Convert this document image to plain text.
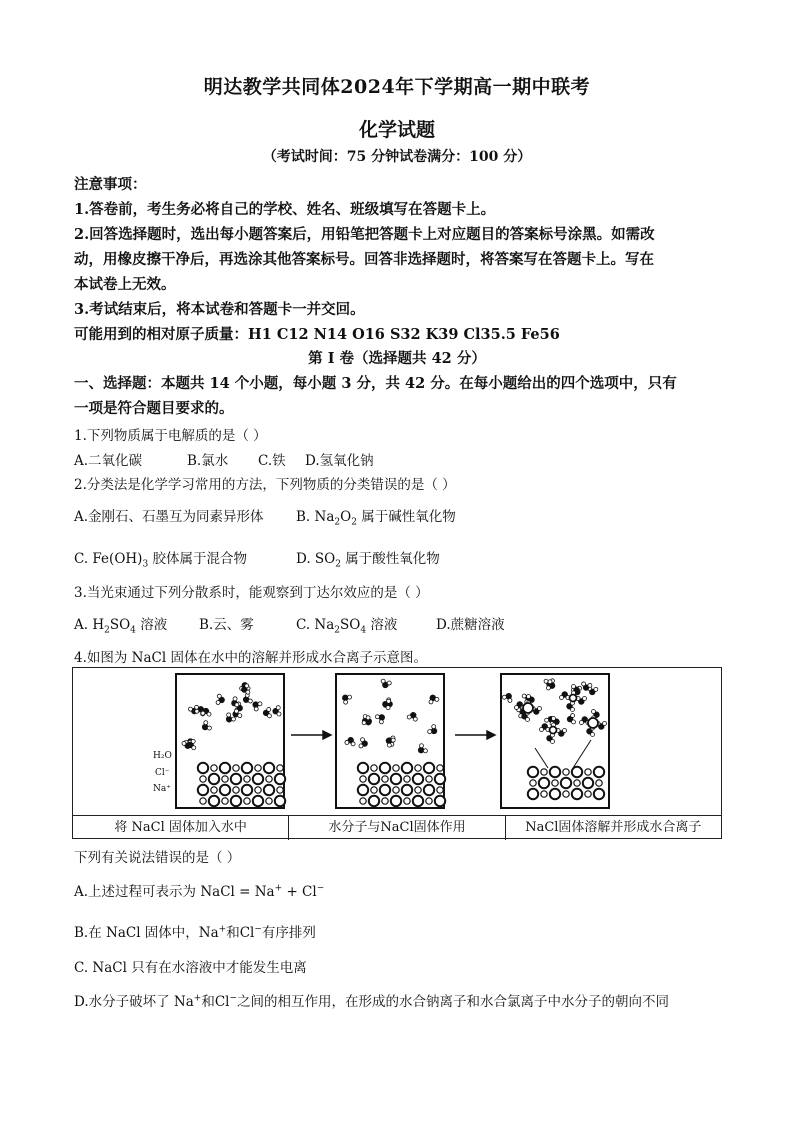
明达教学共同体2024年下学期高一期中联考
化学试题
（考试时间：75 分钟试卷满分：100 分）
注意事项：
1.答卷前，考生务必将自己的学校、姓名、班级填写在答题卡上。
2.回答选择题时，选出每小题答案后，用铅笔把答题卡上对应题目的答案标号涂黑。如需改
动，用橡皮擦干净后，再选涂其他答案标号。回答非选择题时，将答案写在答题卡上。写在
本试卷上无效。
3.考试结束后，将本试卷和答题卡一并交回。
可能用到的相对原子质量：H1 C12 N14 O16 S32 K39 Cl35.5 Fe56
第 I 卷（选择题共 42 分）
一、选择题：本题共 14 个小题，每小题 3 分，共 42 分。在每小题给出的四个选项中，只有
一项是符合题目要求的。
1.下列物质属于电解质的是（ ）
A.二氧化碳	B.氯水 C.铁 D.氢氧化钠
2.分类法是化学学习常用的方法，下列物质的分类错误的是（ ）
A.金刚石、石墨互为同素异形体 B. $Na_2O_2$ 属于碱性氧化物
C. $Fe(OH)_3$ 胶体属于混合物	D. $SO_2$ 属于酸性氧化物
3.当光束通过下列分散系时，能观察到丁达尔效应的是（ ）
A. $H_2SO_4$ 溶液 B.云、雾	C. $Na_2SO_4$ 溶液	D.蔗糖溶液
4.如图为 NaCl 固体在水中的溶解并形成水合离子示意图。
H₂O
Cl⁻
Na⁺
将 NaCl 固体加入水中	水分子与NaCl固体作用	NaCl固体溶解并形成水合离子
下列有关说法错误的是（ ）
A.上述过程可表示为 NaCl = Na+ + Cl−
B.在 NaCl 固体中，Na+和Cl−有序排列
C. NaCl 只有在水溶液中才能发生电离
D.水分子破坏了 Na+和Cl−之间的相互作用，在形成的水合钠离子和水合氯离子中水分子的朝向不同
